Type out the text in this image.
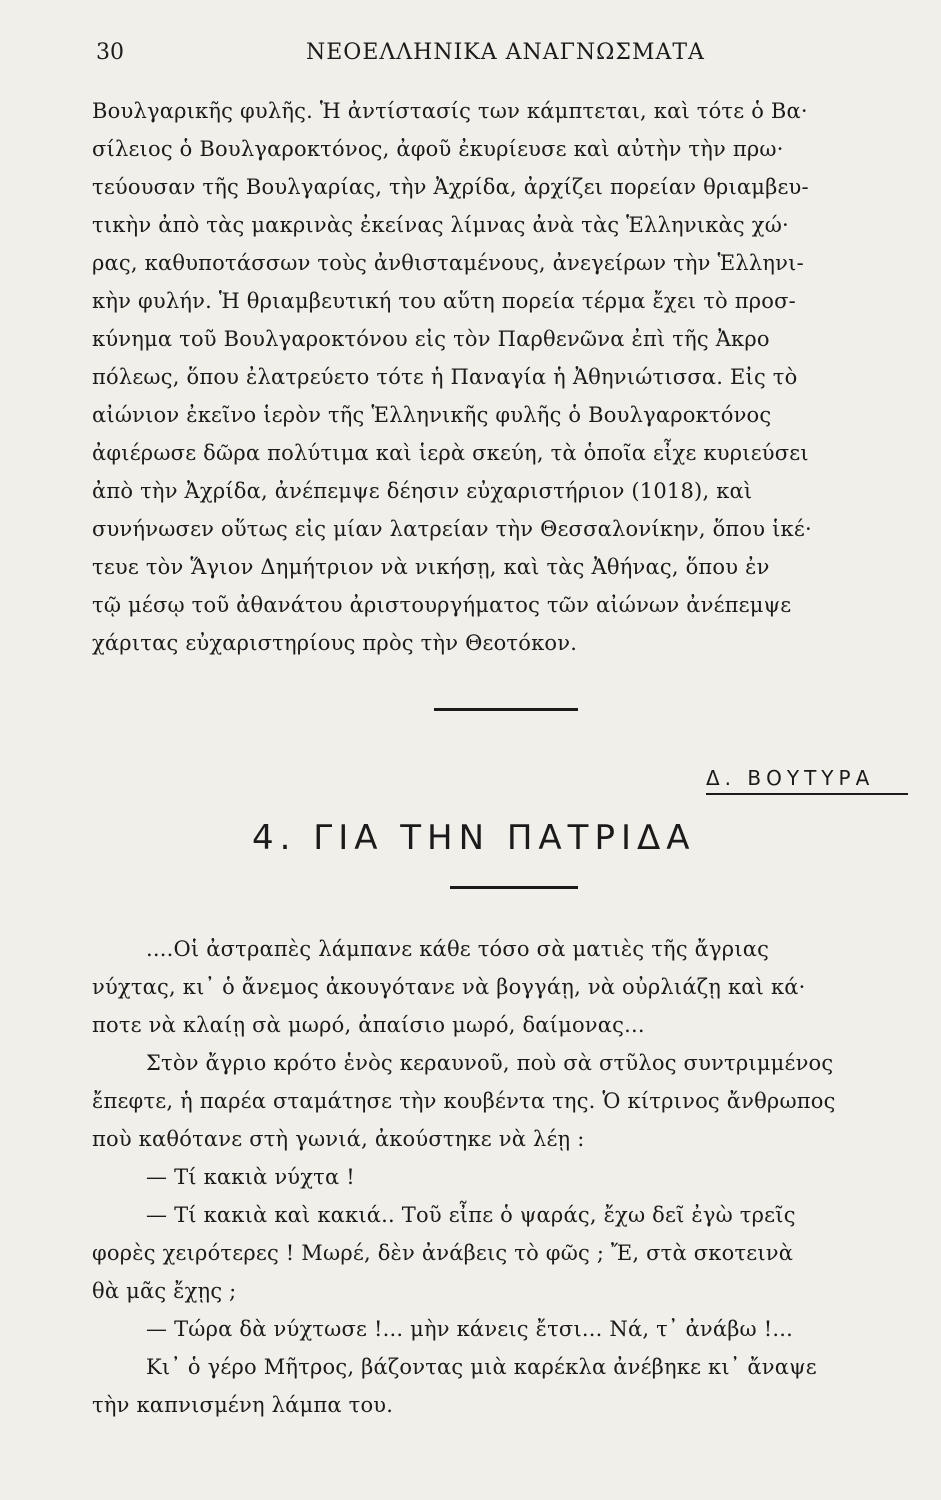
30	ΝΕΟΕΛΛΗΝΙΚΑ ΑΝΑΓΝΩΣΜΑΤΑ
Βουλγαρικῆς φυλῆς. Ἡ ἀντίστασίς των κάμπτεται, καὶ τότε ὁ Βα·
σίλειος ὁ Βουλγαροκτόνος, ἀφοῦ ἐκυρίευσε καὶ αὐτὴν τὴν πρω·
τεύουσαν τῆς Βουλγαρίας, τὴν Ἀχρίδα, ἀρχίζει πορείαν θριαμβευ-
τικὴν ἀπὸ τὰς μακρινὰς ἐκείνας λίμνας ἀνὰ τὰς Ἑλληνικὰς χώ·
ρας, καθυποτάσσων τοὺς ἀνθισταμένους, ἀνεγείρων τὴν Ἑλληνι-
κὴν φυλήν. Ἡ θριαμβευτική του αὕτη πορεία τέρμα ἔχει τὸ προσ-
κύνημα τοῦ Βουλγαροκτόνου εἰς τὸν Παρθενῶνα ἐπὶ τῆς Ἀκρο
πόλεως, ὅπου ἐλατρεύετο τότε ἡ Παναγία ἡ Ἀθηνιώτισσα. Εἰς τὸ
αἰώνιον ἐκεῖνο ἱερὸν τῆς Ἑλληνικῆς φυλῆς ὁ Βουλγαροκτόνος
ἀφιέρωσε δῶρα πολύτιμα καὶ ἱερὰ σκεύη, τὰ ὁποῖα εἶχε κυριεύσει
ἀπὸ τὴν Ἀχρίδα, ἀνέπεμψε δέησιν εὐχαριστήριον (1018), καὶ
συνήνωσεν οὕτως εἰς μίαν λατρείαν τὴν Θεσσαλονίκην, ὅπου ἱκέ·
τευε τὸν Ἅγιον Δημήτριον νὰ νικήσῃ, καὶ τὰς Ἀθήνας, ὅπου ἐν
τῷ μέσῳ τοῦ ἀθανάτου ἀριστουργήματος τῶν αἰώνων ἀνέπεμψε
χάριτας εὐχαριστηρίους πρὸς τὴν Θεοτόκον.
Δ. ΒΟΥΤΥΡΑ
4. ΓΙΑ ΤΗΝ ΠΑΤΡΙΔΑ
....Οἱ ἀστραπὲς λάμπανε κάθε τόσο σὰ ματιὲς τῆς ἄγριας
νύχτας, κι᾿ ὁ ἄνεμος ἀκουγότανε νὰ βογγάῃ, νὰ οὐρλιάζῃ καὶ κά·
ποτε νὰ κλαίῃ σὰ μωρό, ἀπαίσιο μωρό, δαίμονας...
Στὸν ἄγριο κρότο ἑνὸς κεραυνοῦ, ποὺ σὰ στῦλος συντριμμένος
ἔπεφτε, ἡ παρέα σταμάτησε τὴν κουβέντα της. Ὁ κίτρινος ἄνθρωπος
ποὺ καθότανε στὴ γωνιά, ἀκούστηκε νὰ λέῃ :
— Τί κακιὰ νύχτα !
— Τί κακιὰ καὶ κακιά.. Τοῦ εἶπε ὁ ψαράς, ἔχω δεῖ ἐγὼ τρεῖς
φορὲς χειρότερες ! Μωρέ, δὲν ἀνάβεις τὸ φῶς ; Ἔ, στὰ σκοτεινὰ
θὰ μᾶς ἔχῃς ;
— Τώρα δὰ νύχτωσε !... μὴν κάνεις ἔτσι... Νά, τ᾿ ἀνάβω !...
Κι᾿ ὁ γέρο Μῆτρος, βάζοντας μιὰ καρέκλα ἀνέβηκε κι᾿ ἄναψε
τὴν καπνισμένη λάμπα του.
